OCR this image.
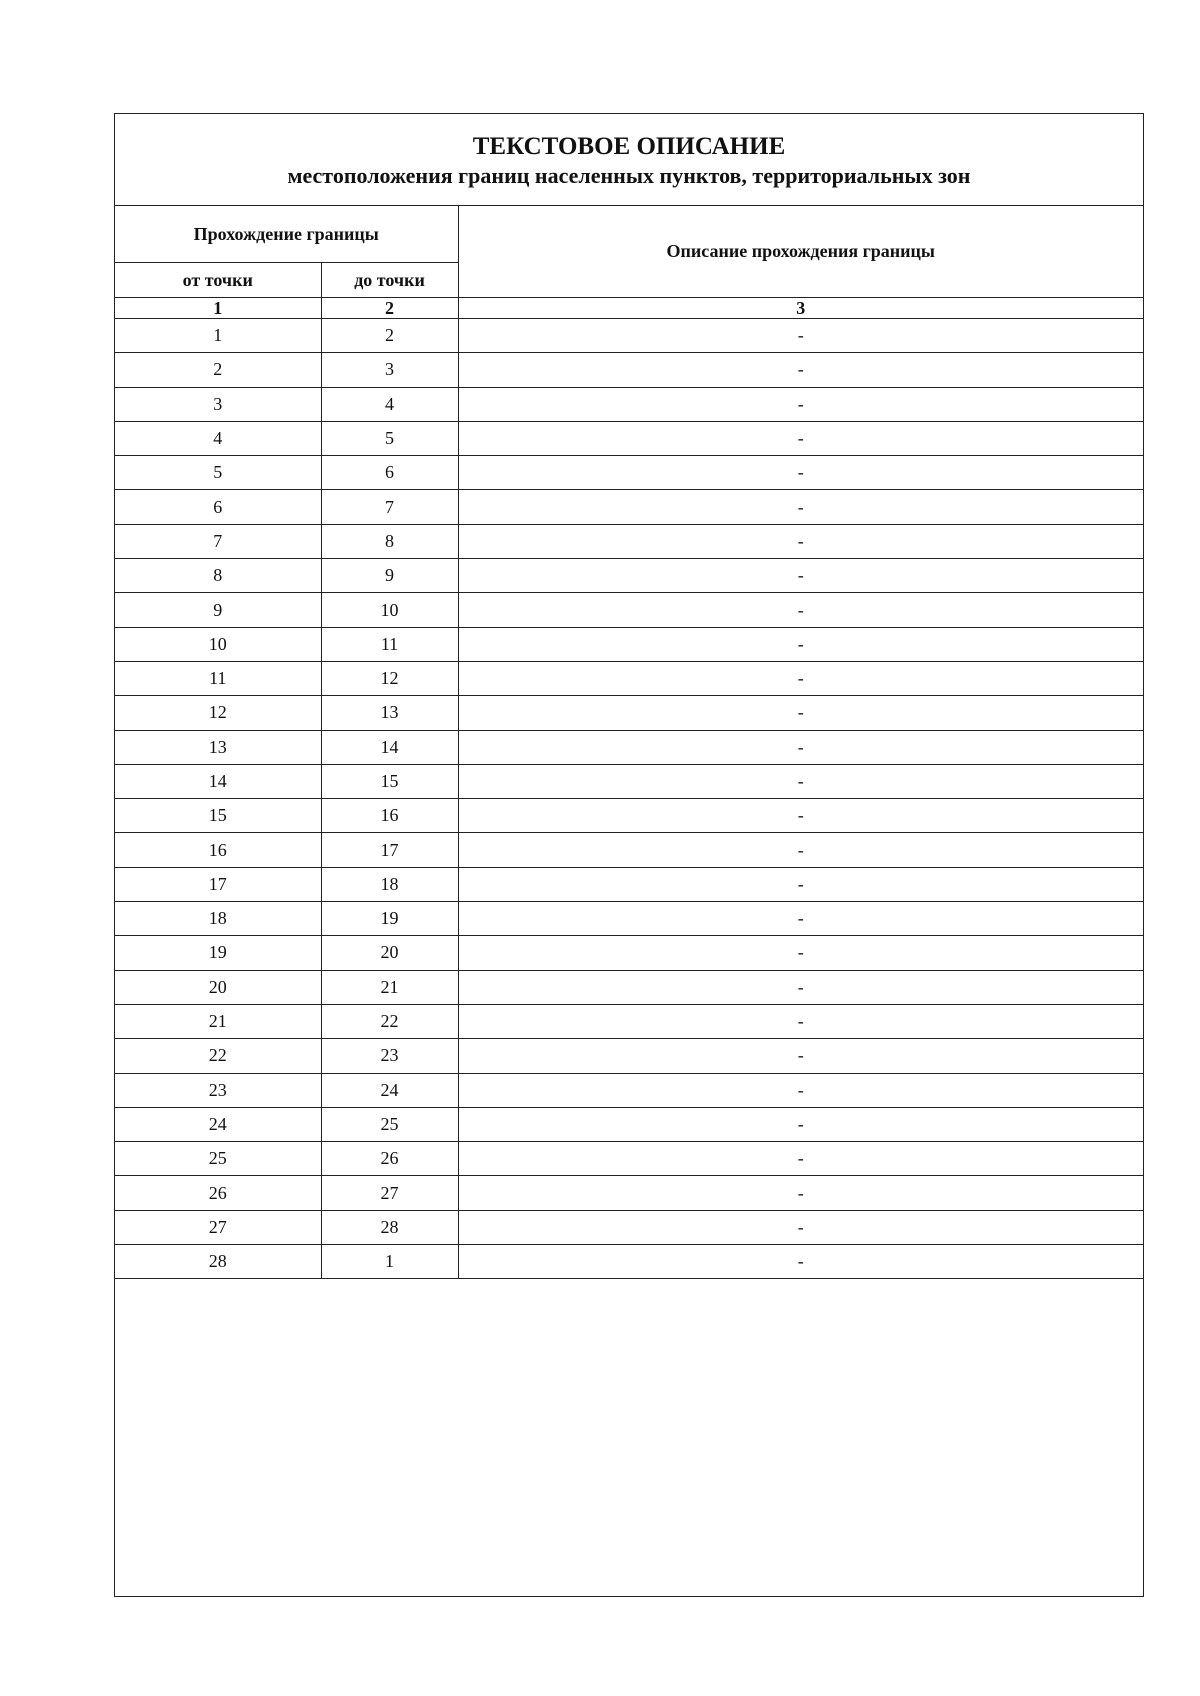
ТЕКСТОВОЕ ОПИСАНИЕ
местоположения границ населенных пунктов, территориальных зон
Прохождение границы		Описание прохождения границы
от точки	до точки	
1	2	3
1	2	-
2	3	-
3	4	-
4	5	-
5	6	-
6	7	-
7	8	-
8	9	-
9	10	-
10	11	-
11	12	-
12	13	-
13	14	-
14	15	-
15	16	-
16	17	-
17	18	-
18	19	-
19	20	-
20	21	-
21	22	-
22	23	-
23	24	-
24	25	-
25	26	-
26	27	-
27	28	-
28	1	-
